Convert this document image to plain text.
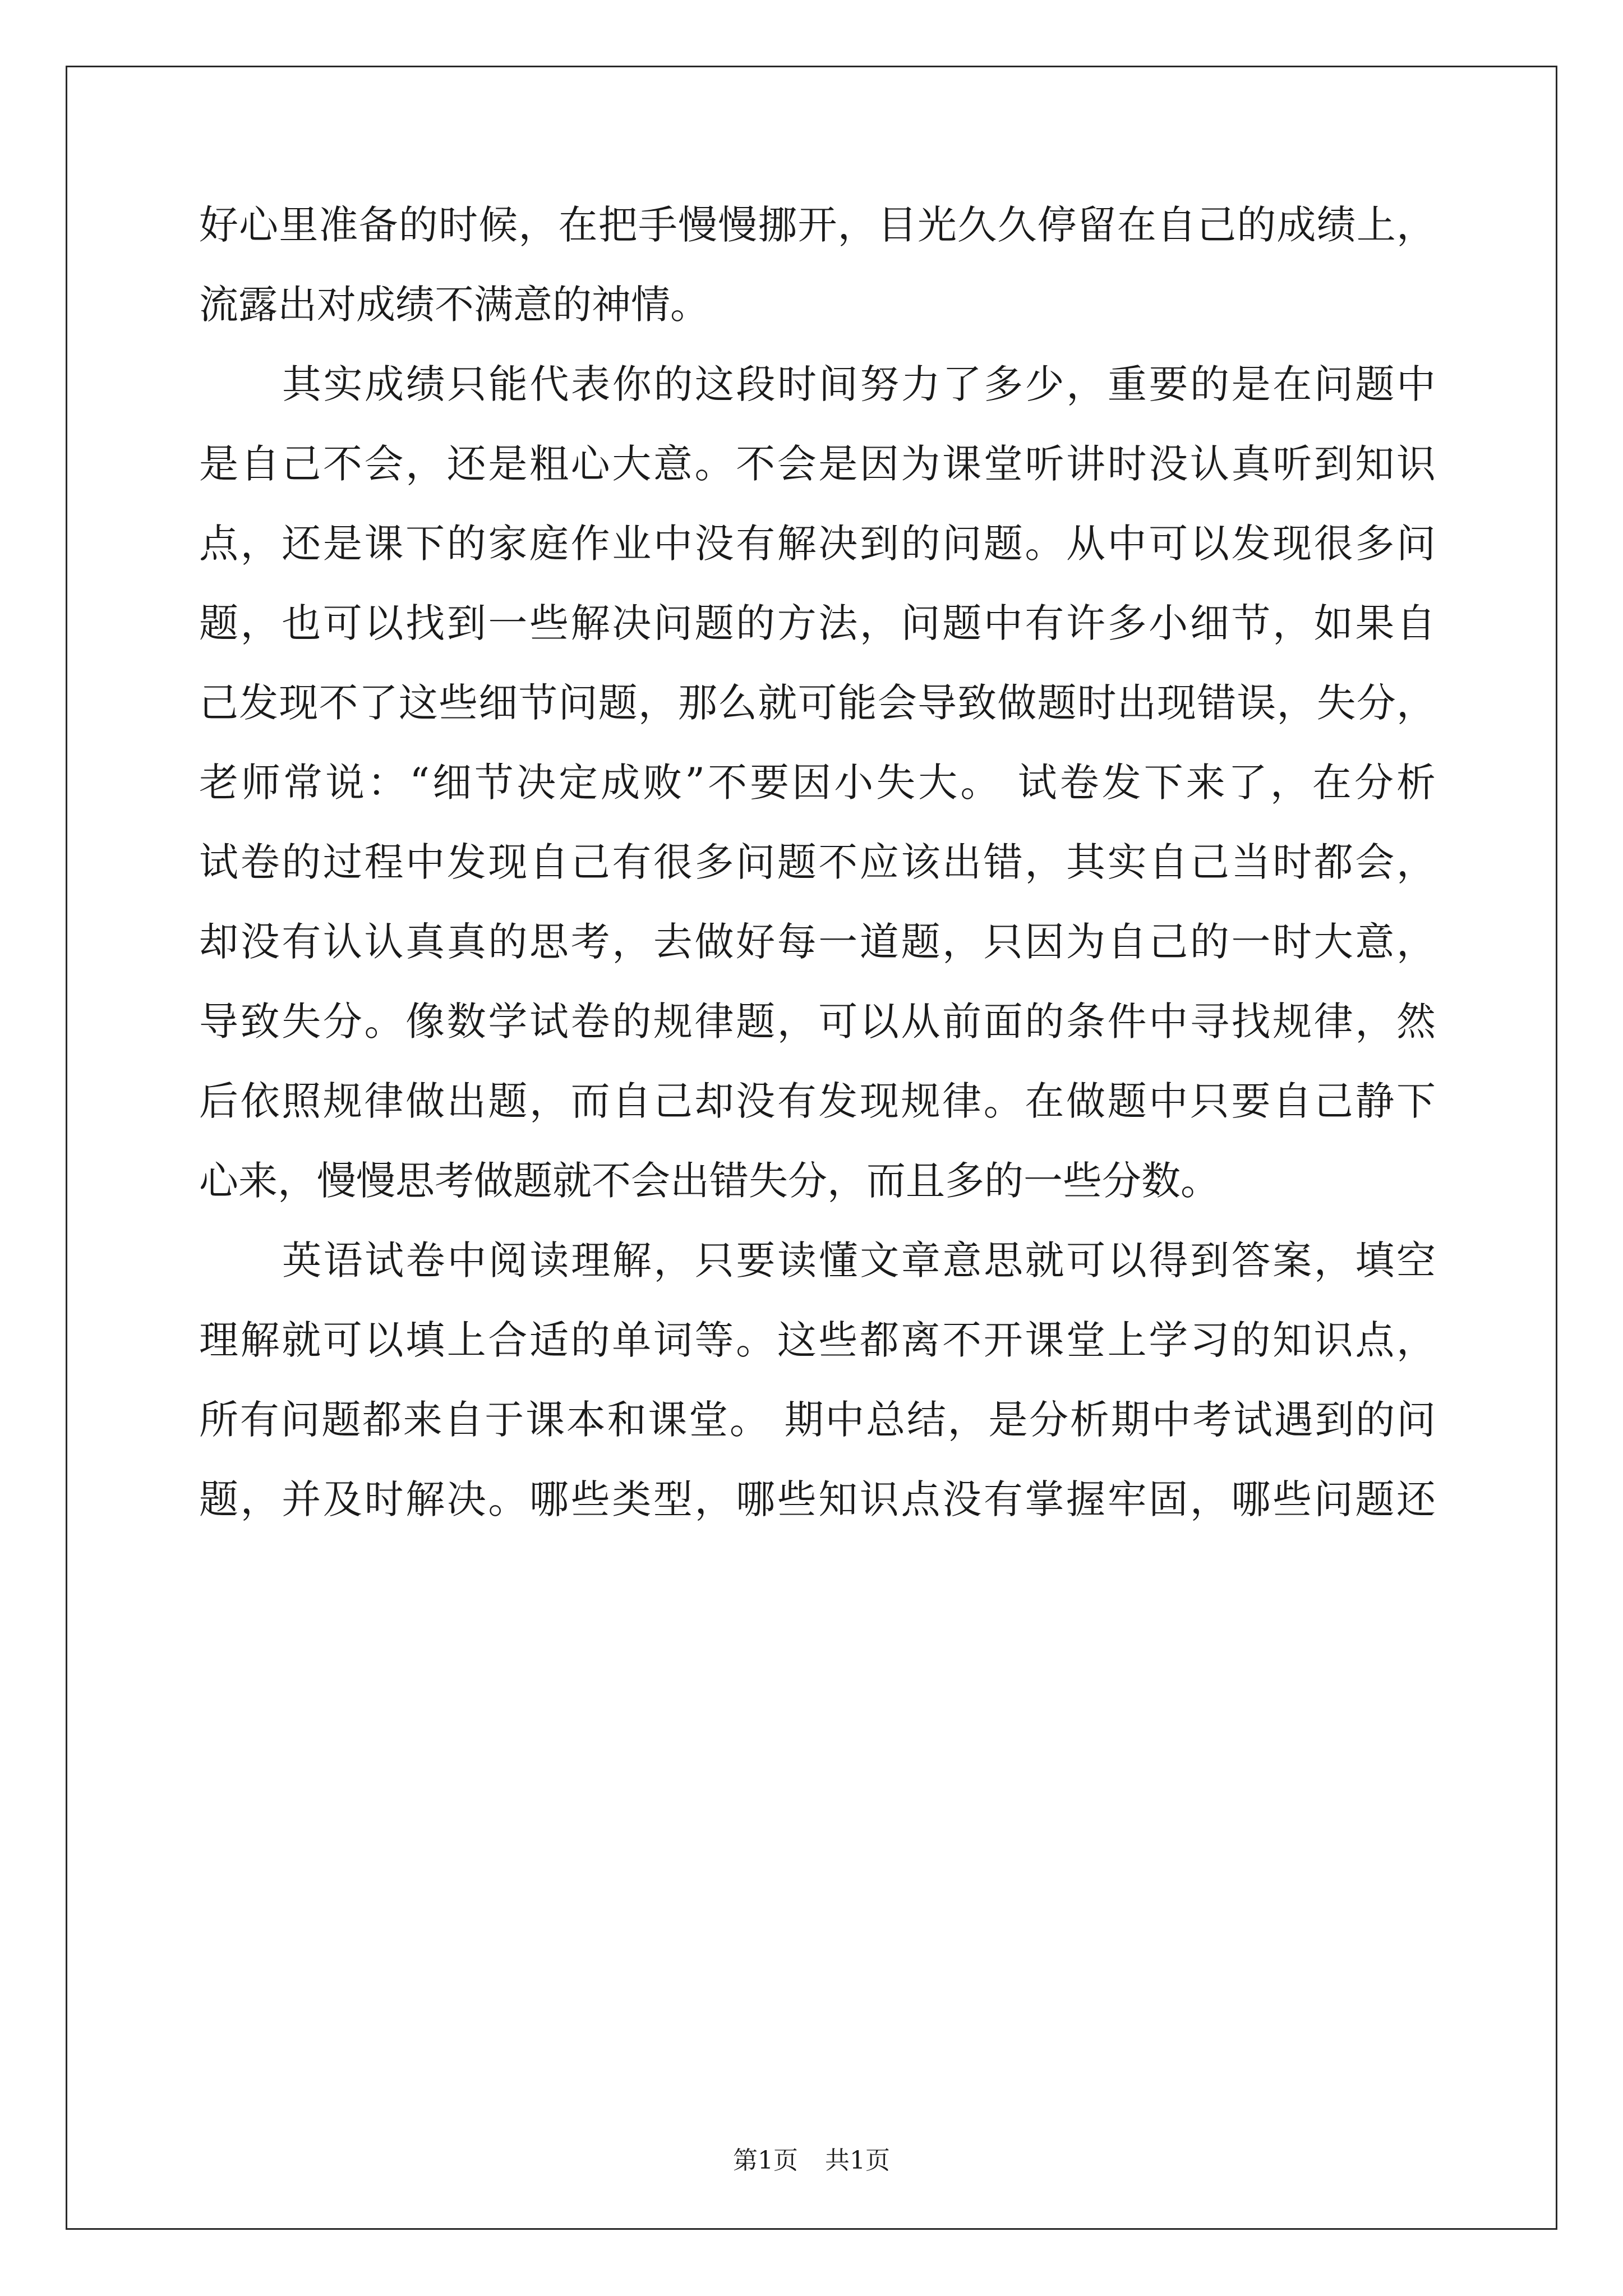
好心里准备的时候，在把手慢慢挪开，目光久久停留在自己的成绩上，
流露出对成绩不满意的神情。
其实成绩只能代表你的这段时间努力了多少，重要的是在问题中
是自己不会，还是粗心大意。不会是因为课堂听讲时没认真听到知识
点，还是课下的家庭作业中没有解决到的问题。从中可以发现很多问
题，也可以找到一些解决问题的方法，问题中有许多小细节，如果自
己发现不了这些细节问题，那么就可能会导致做题时出现错误，失分，
老师常说：“细节决定成败”不要因小失大。 试卷发下来了，在分析
试卷的过程中发现自己有很多问题不应该出错，其实自己当时都会，
却没有认认真真的思考，去做好每一道题，只因为自己的一时大意，
导致失分。像数学试卷的规律题，可以从前面的条件中寻找规律，然
后依照规律做出题，而自己却没有发现规律。在做题中只要自己静下
心来，慢慢思考做题就不会出错失分，而且多的一些分数。
英语试卷中阅读理解，只要读懂文章意思就可以得到答案，填空
理解就可以填上合适的单词等。这些都离不开课堂上学习的知识点，
所有问题都来自于课本和课堂。 期中总结，是分析期中考试遇到的问
题，并及时解决。哪些类型，哪些知识点没有掌握牢固，哪些问题还
第1页 共1页
